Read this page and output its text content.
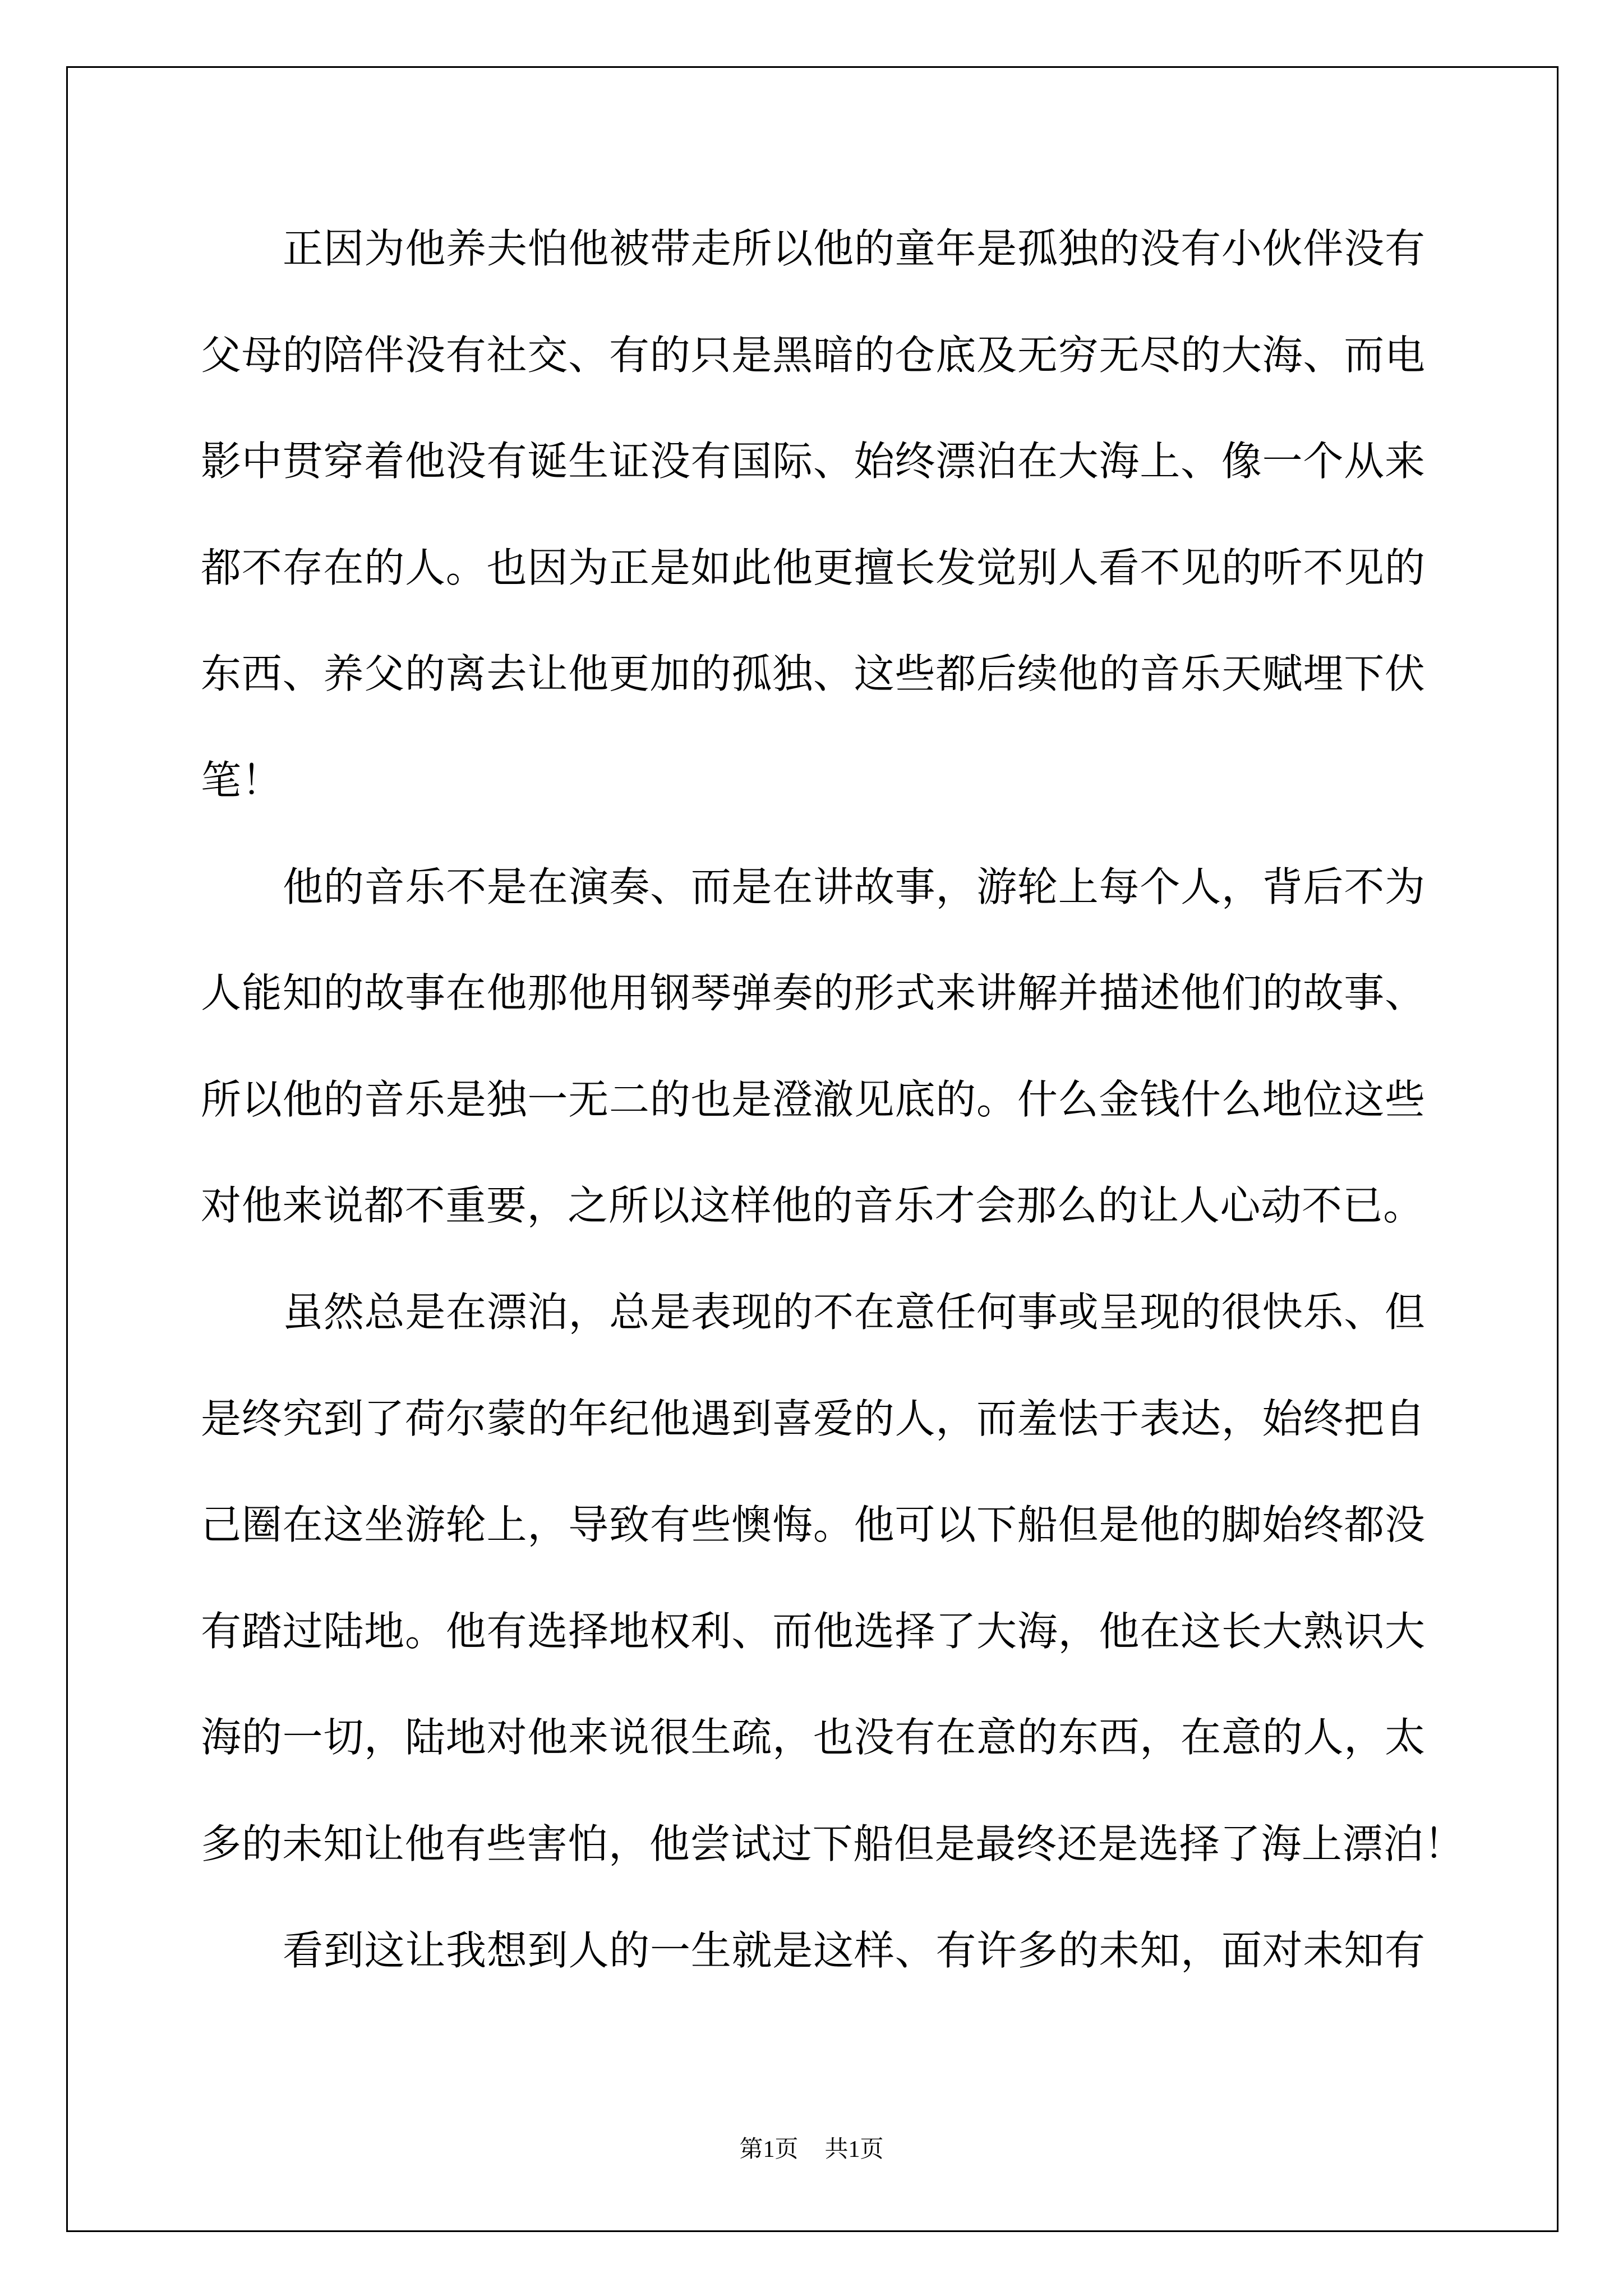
正因为他养夫怕他被带走所以他的童年是孤独的没有小伙伴没有
父母的陪伴没有社交、有的只是黑暗的仓底及无穷无尽的大海、而电
影中贯穿着他没有诞生证没有国际、始终漂泊在大海上、像一个从来
都不存在的人。也因为正是如此他更擅长发觉别人看不见的听不见的
东西、养父的离去让他更加的孤独、这些都后续他的音乐天赋埋下伏
笔！
他的音乐不是在演奏、而是在讲故事，游轮上每个人，背后不为
人能知的故事在他那他用钢琴弹奏的形式来讲解并描述他们的故事、
所以他的音乐是独一无二的也是澄澈见底的。什么金钱什么地位这些
对他来说都不重要，之所以这样他的音乐才会那么的让人心动不已。
虽然总是在漂泊，总是表现的不在意任何事或呈现的很快乐、但
是终究到了荷尔蒙的年纪他遇到喜爱的人，而羞怯于表达，始终把自
己圈在这坐游轮上，导致有些懊悔。他可以下船但是他的脚始终都没
有踏过陆地。他有选择地权利、而他选择了大海，他在这长大熟识大
海的一切，陆地对他来说很生疏，也没有在意的东西，在意的人，太
多的未知让他有些害怕，他尝试过下船但是最终还是选择了海上漂泊！
看到这让我想到人的一生就是这样、有许多的未知，面对未知有
第1页 共1页
